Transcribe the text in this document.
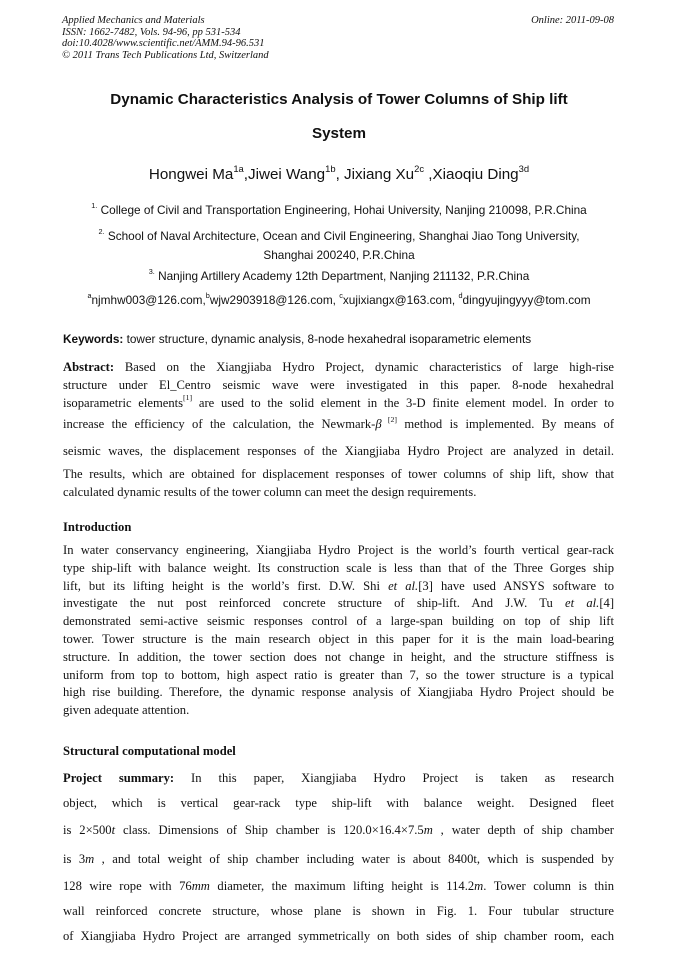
Applied Mechanics and Materials
ISSN: 1662-7482, Vols. 94-96, pp 531-534
doi:10.4028/www.scientific.net/AMM.94-96.531
© 2011 Trans Tech Publications Ltd, Switzerland
Online: 2011-09-08
Dynamic Characteristics Analysis of Tower Columns of Ship lift
System
Hongwei $Ma^{1a},Jiwei$ Wang$^{1b}$, Jixiang $Xu^{2c}$ ,Xiaoqiu Ding$^{3d}$
$^{1.}$ College of Civil and Transportation Engineering, Hohai University, Nanjing 210098, P.R.China
$^{2.}$ School of Naval Architecture, Ocean and Civil Engineering, Shanghai Jiao Tong University,
Shanghai 200240, P.R.China
$^{3.}$ Nanjing Artillery Academy 12th Department, Nanjing 211132, P.R.China
$^a$njmhw003@126.com,$^b$wjw2903918@126.com, $^c$xujixiangx@163.com, $^d$dingyujingyyy@tom.com
Keywords: tower structure, dynamic analysis, 8-node hexahedral isoparametric elements
Abstract: Based on the Xiangjiaba Hydro Project, dynamic characteristics of large high-rise
structure under El_Centro seismic wave were investigated in this paper. 8-node hexahedral
isoparametric elements[1] are used to the solid element in the 3-D finite element model. In order to
increase the efficiency of the calculation, the Newmark-β [2] method is implemented. By means of
seismic waves, the displacement responses of the Xiangjiaba Hydro Project are analyzed in detail.
The results, which are obtained for displacement responses of tower columns of ship lift, show that
calculated dynamic results of the tower column can meet the design requirements.
Introduction
In water conservancy engineering, Xiangjiaba Hydro Project is the world’s fourth vertical gear-rack
type ship-lift with balance weight. Its construction scale is less than that of the Three Gorges ship
lift, but its lifting height is the world’s first. D.W. Shi et al.[3] have used ANSYS software to
investigate the nut post reinforced concrete structure of ship-lift. And J.W. Tu et al.[4]
demonstrated semi-active seismic responses control of a large-span building on top of ship lift
tower. Tower structure is the main research object in this paper for it is the main load-bearing
structure. In addition, the tower section does not change in height, and the structure stiffness is
uniform from top to bottom, high aspect ratio is greater than 7, so the tower structure is a typical
high rise building. Therefore, the dynamic response analysis of Xiangjiaba Hydro Project should be
given adequate attention.
Structural computational model
Project summary: In this paper, Xiangjiaba Hydro Project is taken as research
object, which is vertical gear-rack type ship-lift with balance weight. Designed fleet
is 2×500t class. Dimensions of Ship chamber is 120.0×16.4×7.5m , water depth of ship chamber
is 3m , and total weight of ship chamber including water is about 8400t, which is suspended by
128 wire rope with 76mm diameter, the maximum lifting height is 114.2m. Tower column is thin
wall reinforced concrete structure, whose plane is shown in Fig. 1. Four tubular structure
of Xiangjiaba Hydro Project are arranged symmetrically on both sides of ship chamber room, each
